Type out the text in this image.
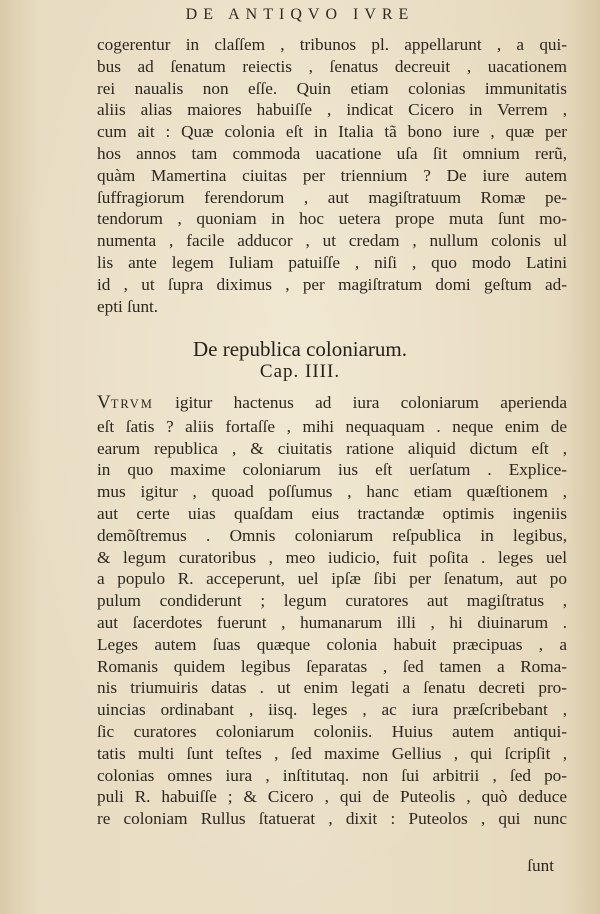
DE ANTIQVO IVRE
cogerentur in claſſem , tribunos pl. appellarunt , a qui-
bus ad ſenatum reiectis , ſenatus decreuit , uacationem
rei naualis non eſſe. Quin etiam colonias immunitatis
aliis alias maiores habuiſſe , indicat Cicero in Verrem ,
cum ait : Quæ colonia eſt in Italia tã bono iure , quæ per
hos annos tam commoda uacatione uſa ſit omnium rerũ,
quàm Mamertina ciuitas per triennium ? De iure autem
ſuffragiorum ferendorum , aut magiſtratuum Romæ pe-
tendorum , quoniam in hoc uetera prope muta ſunt mo-
numenta , facile adducor , ut credam , nullum colonis ul
lis ante legem Iuliam patuiſſe , niſi , quo modo Latini
id , ut ſupra diximus , per magiſtratum domi geſtum ad-
epti ſunt.
De republica coloniarum.
Cap. IIII.
VTRVM igitur hactenus ad iura coloniarum aperienda
eſt ſatis ? aliis fortaſſe , mihi nequaquam . neque enim de
earum republica , & ciuitatis ratione aliquid dictum eſt ,
in quo maxime coloniarum ius eſt uerſatum . Explice-
mus igitur , quoad poſſumus , hanc etiam quæſtionem ,
aut certe uias quaſdam eius tractandæ optimis ingeniis
demõſtremus . Omnis coloniarum reſpublica in legibus,
& legum curatoribus , meo iudicio, fuit poſita . leges uel
a populo R. acceperunt, uel ipſæ ſibi per ſenatum, aut po
pulum condiderunt ; legum curatores aut magiſtratus ,
aut ſacerdotes fuerunt , humanarum illi , hi diuinarum .
Leges autem ſuas quæque colonia habuit præcipuas , a
Romanis quidem legibus ſeparatas , ſed tamen a Roma-
nis triumuiris datas . ut enim legati a ſenatu decreti pro-
uincias ordinabant , iisq. leges , ac iura præſcribebant ,
ſic curatores coloniarum coloniis. Huius autem antiqui-
tatis multi ſunt teſtes , ſed maxime Gellius , qui ſcripſit ,
colonias omnes iura , inſtitutaq. non ſui arbitrii , ſed po-
puli R. habuiſſe ; & Cicero , qui de Puteolis , quò deduce
re coloniam Rullus ſtatuerat , dixit : Puteolos , qui nunc
ſunt
